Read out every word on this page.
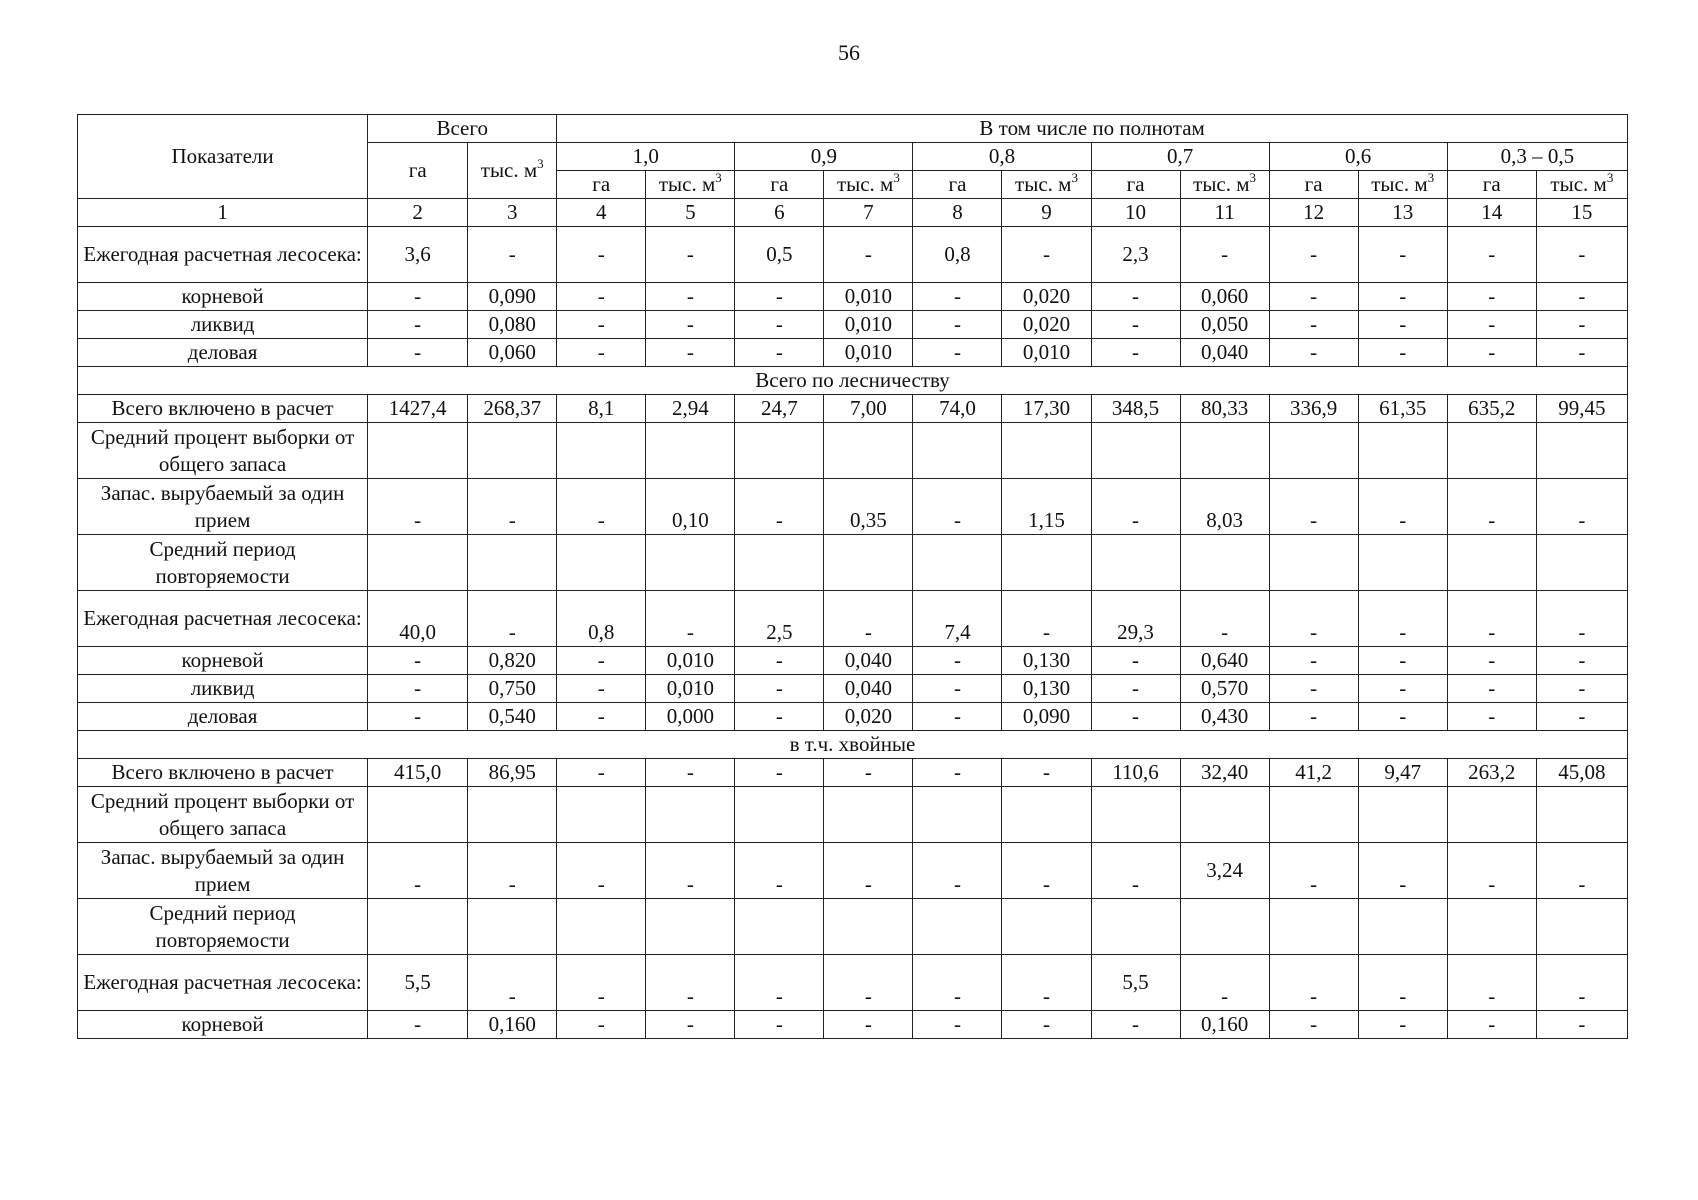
56
Показатели	Всего		В том числе по полнотам											
	га	тыс. $м^3$	1,0		0,9		0,8		0,7		0,6		0,3 – 0,5	
			га	тыс. $м^3$	га	тыс. $м^3$	га	тыс. $м^3$	га	тыс. $м^3$	га	тыс. $м^3$	га	тыс. $м^3$
1	2	3	4	5	6	7	8	9	10	11	12	13	14	15
Ежегодная расчетная лесосека:	3,6	-	-	-	0,5	-	0,8	-	2,3	-	-	-	-	-
корневой	-	0,090	-	-	-	0,010	-	0,020	-	0,060	-	-	-	-
ликвид	-	0,080	-	-	-	0,010	-	0,020	-	0,050	-	-	-	-
деловая	-	0,060	-	-	-	0,010	-	0,010	-	0,040	-	-	-	-
Всего по лесничеству														
Всего включено в расчет	1427,4	268,37	8,1	2,94	24,7	7,00	74,0	17,30	348,5	80,33	336,9	61,35	635,2	99,45
Средний процент выборки от общего запаса														
Запас. вырубаемый за один прием	-	-	-	0,10	-	0,35	-	1,15	-	8,03	-	-	-	-
Средний период повторяемости														
Ежегодная расчетная лесосека:	40,0	-	0,8	-	2,5	-	7,4	-	29,3	-	-	-	-	-
корневой	-	0,820	-	0,010	-	0,040	-	0,130	-	0,640	-	-	-	-
ликвид	-	0,750	-	0,010	-	0,040	-	0,130	-	0,570	-	-	-	-
деловая	-	0,540	-	0,000	-	0,020	-	0,090	-	0,430	-	-	-	-
в т.ч. хвойные														
Всего включено в расчет	415,0	86,95	-	-	-	-	-	-	110,6	32,40	41,2	9,47	263,2	45,08
Средний процент выборки от общего запаса														
Запас. вырубаемый за один прием	-	-	-	-	-	-	-	-	-	3,24	-	-	-	-
Средний период повторяемости														
Ежегодная расчетная лесосека:	5,5	-	-	-	-	-	-	-	5,5	-	-	-	-	-
корневой	-	0,160	-	-	-	-	-	-	-	0,160	-	-	-	-
